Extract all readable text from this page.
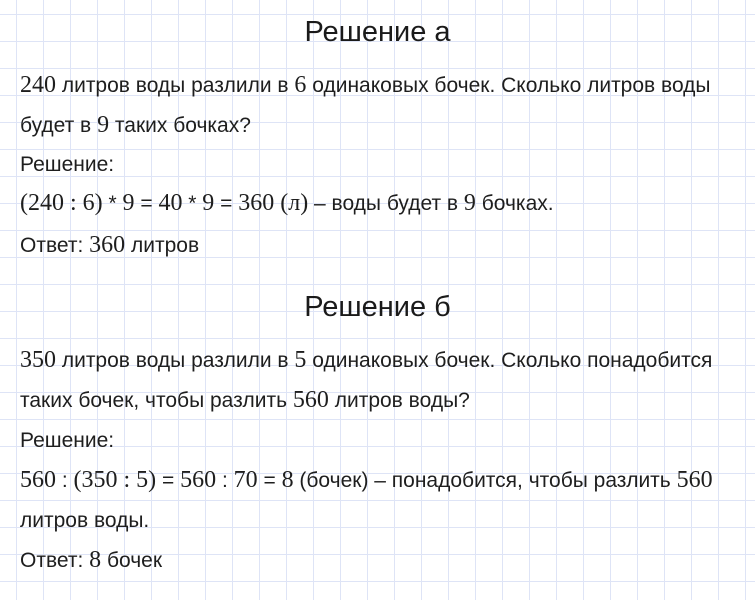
Решение а
240 литров воды разлили в 6 одинаковых бочек. Сколько литров воды
будет в 9 таких бочках?
Решение:
(240 : 6) * 9 = 40 * 9 = 360 (л) – воды будет в 9 бочках.
Ответ: 360 литров
Решение б
350 литров воды разлили в 5 одинаковых бочек. Сколько понадобится
таких бочек, чтобы разлить 560 литров воды?
Решение:
560 : (350 : 5) = 560 : 70 = 8 (бочек) – понадобится, чтобы разлить 560
литров воды.
Ответ: 8 бочек
